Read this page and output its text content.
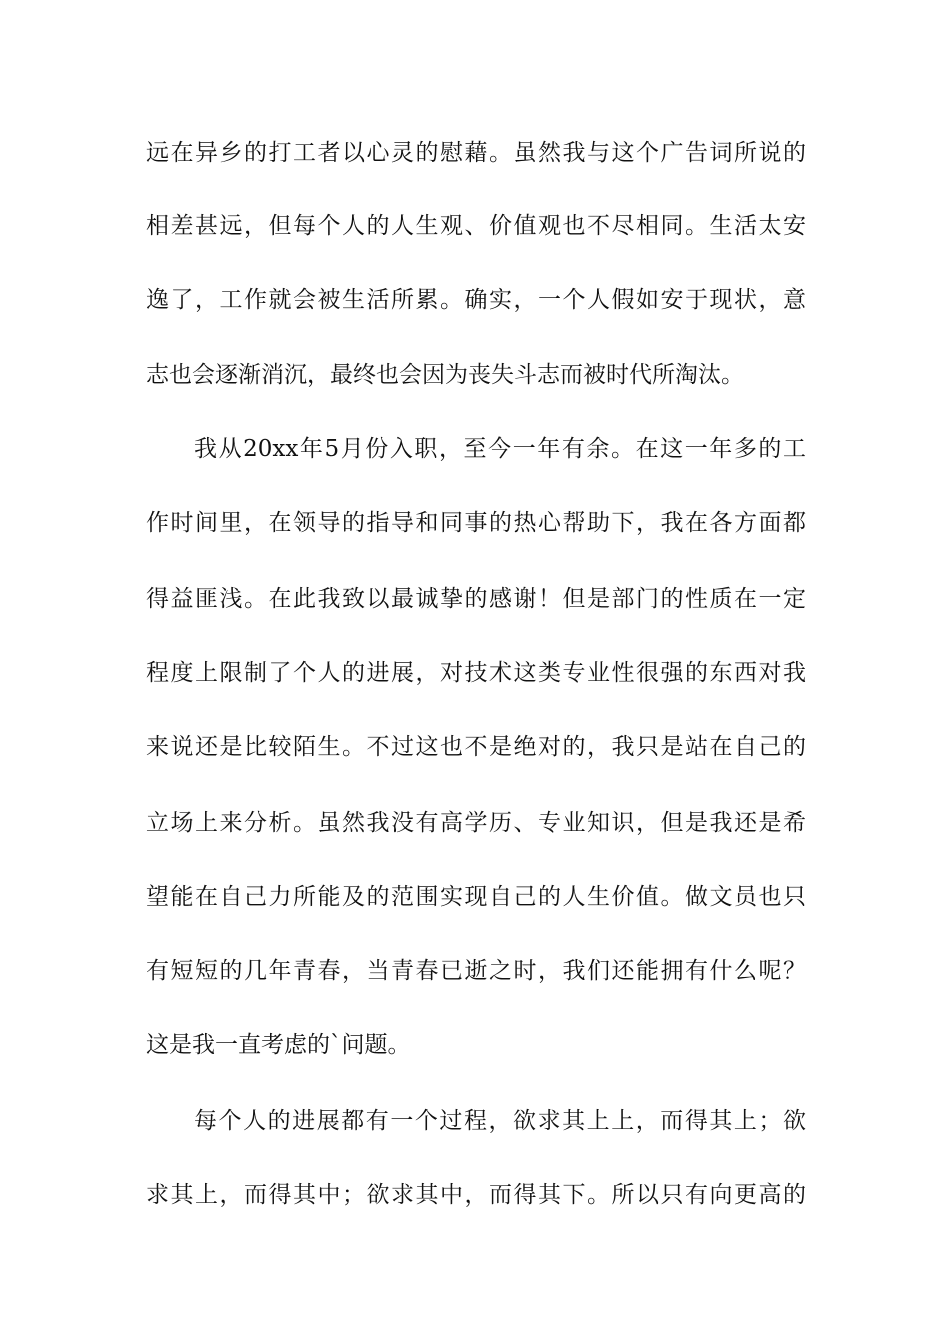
远在异乡的打工者以心灵的慰藉。虽然我与这个广告词所说的
相差甚远，但每个人的人生观、价值观也不尽相同。生活太安
逸了，工作就会被生活所累。确实，一个人假如安于现状，意
志也会逐渐消沉，最终也会因为丧失斗志而被时代所淘汰。
我从20xx年5月份入职，至今一年有余。在这一年多的工
作时间里，在领导的指导和同事的热心帮助下，我在各方面都
得益匪浅。在此我致以最诚挚的感谢！但是部门的性质在一定
程度上限制了个人的进展，对技术这类专业性很强的东西对我
来说还是比较陌生。不过这也不是绝对的，我只是站在自己的
立场上来分析。虽然我没有高学历、专业知识，但是我还是希
望能在自己力所能及的范围实现自己的人生价值。做文员也只
有短短的几年青春，当青春已逝之时，我们还能拥有什么呢？
这是我一直考虑的`问题。
每个人的进展都有一个过程，欲求其上上，而得其上；欲
求其上，而得其中；欲求其中，而得其下。所以只有向更高的
